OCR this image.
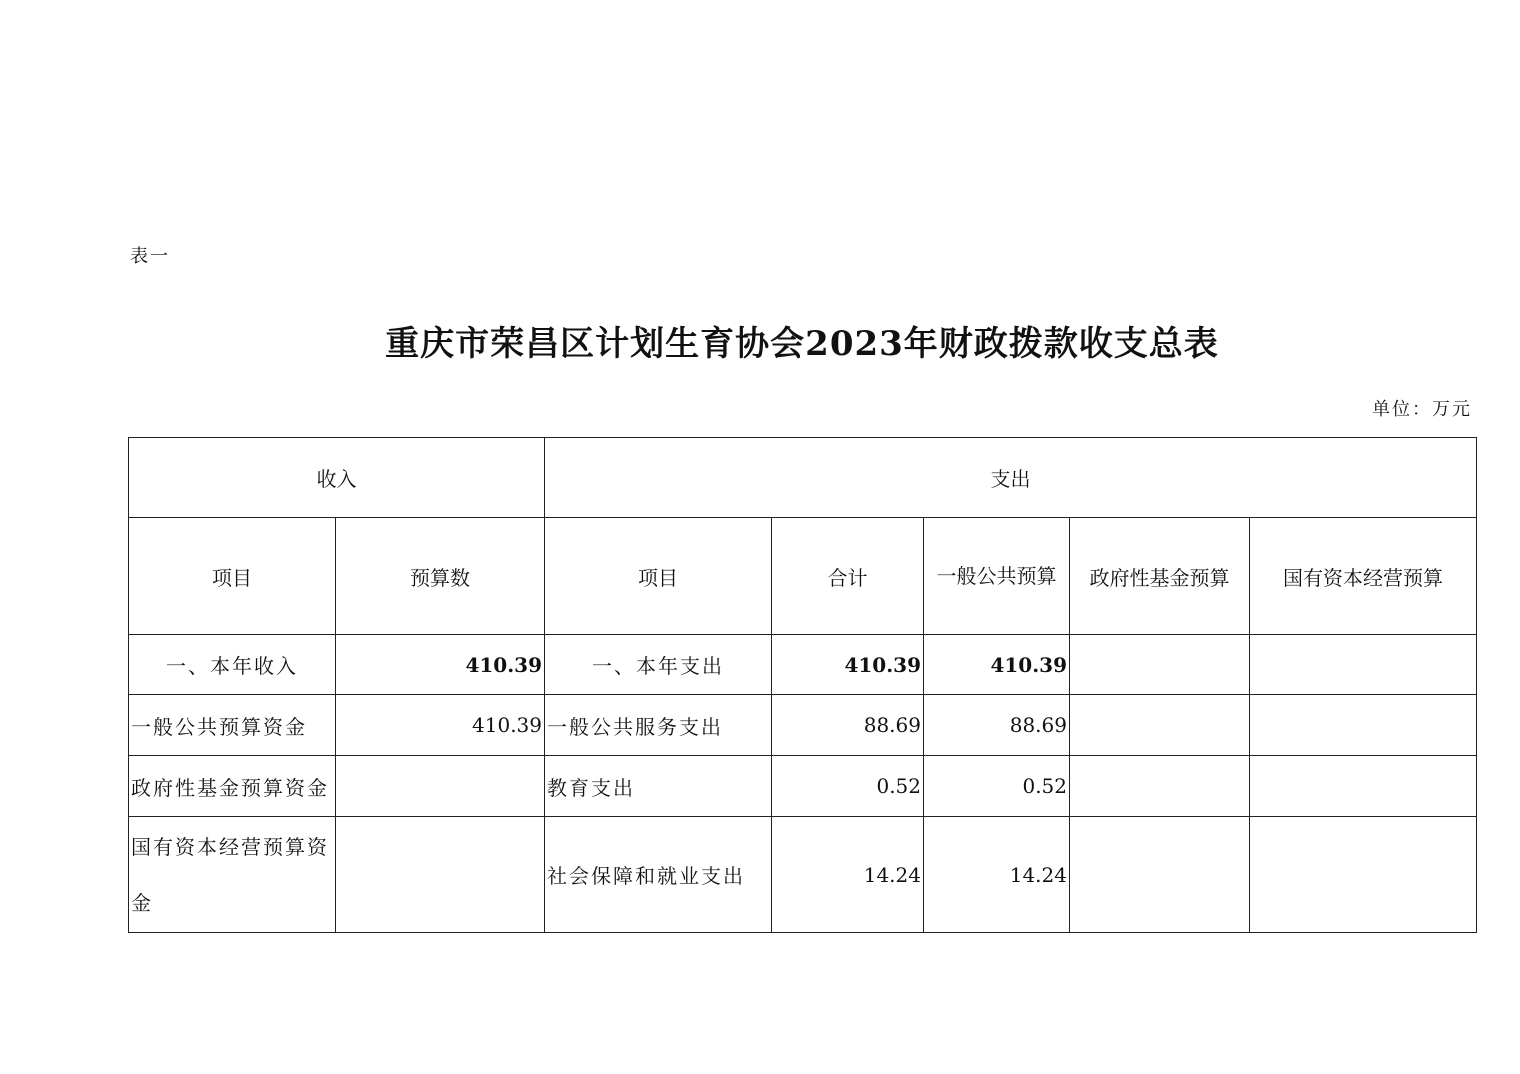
表一
重庆市荣昌区计划生育协会2023年财政拨款收支总表
单位：万元
收入		支出				
项目	预算数	项目	合计	一般公共预算	政府性基金预算	国有资本经营预算
一、本年收入	410.39	一、本年支出	410.39	410.39		
一般公共预算资金	410.39	一般公共服务支出	88.69	88.69		
政府性基金预算资金		教育支出	0.52	0.52		
国有资本经营预算资金		社会保障和就业支出	14.24	14.24		
